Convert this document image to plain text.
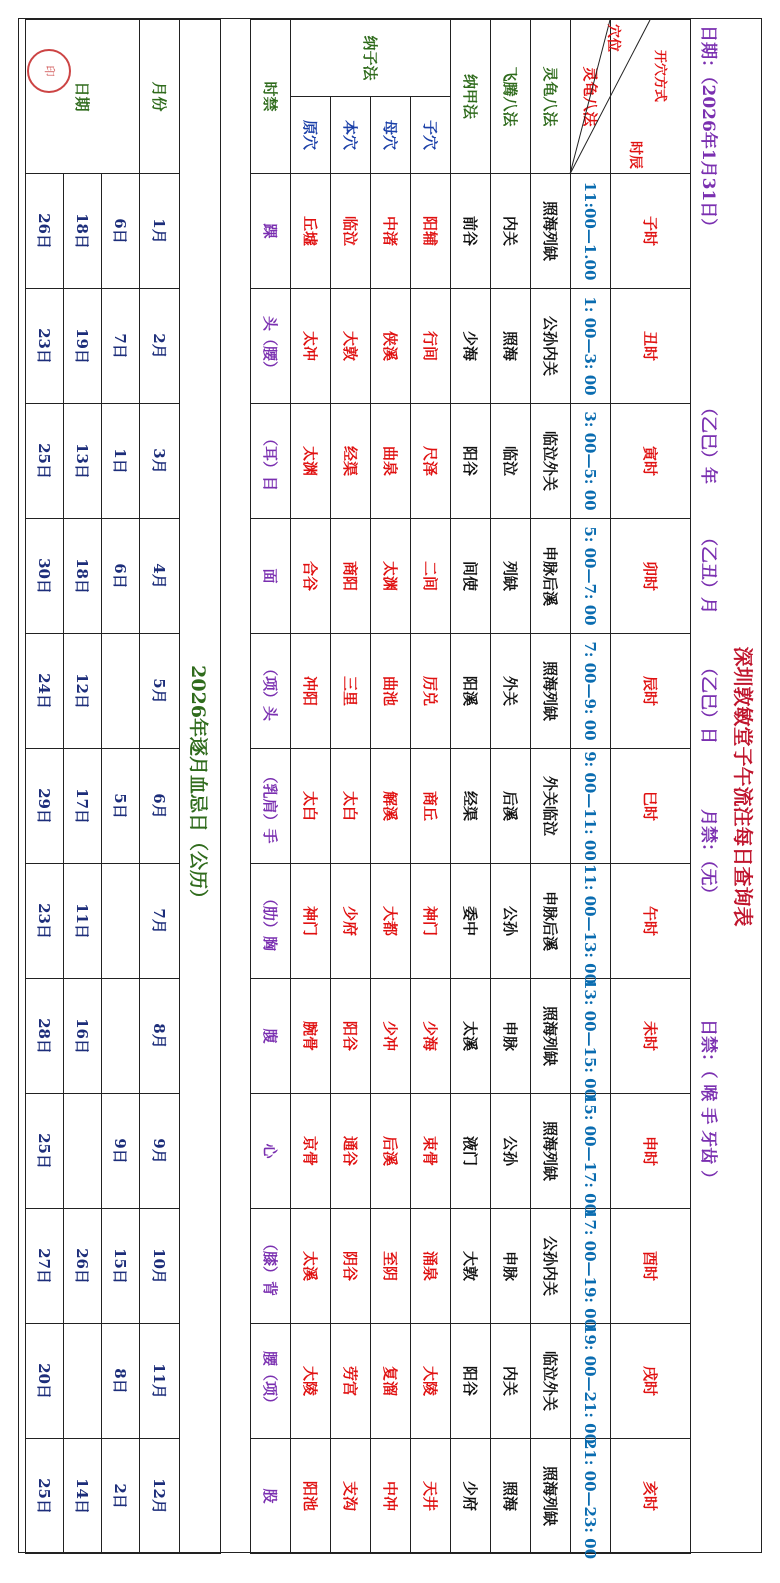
深圳敦敏堂子午流注每日查询表
日期：（2026年1月31日）
（乙巳）年
（乙丑）月
（乙巳）日
月禁：（无）
日禁：（ 喉 手 牙齿 ）
时辰
穴位
开穴方式		子时	丑时	寅时	卯时	辰时	巳时	午时	未时	申时	酉时	戌时	亥时
灵龟八法		11:00—1.00	1: 00—3: 00	3: 00—5: 00	5: 00—7: 00	7: 00—9: 00	9: 00—11: 00	11: 00—13: 00	13: 00—15: 00	15: 00—17: 00	17: 00—19: 00	19: 00—21: 00	21: 00—23: 00
灵龟八法		照海列缺	公孙内关	临泣外关	申脉后溪	照海列缺	外关临泣	申脉后溪	照海列缺	照海列缺	公孙内关	临泣外关	照海列缺
飞腾八法		内关	照海	临泣	列缺	外关	后溪	公孙	申脉	公孙	申脉	内关	照海
纳甲法		前谷	少海	阳谷	间使	阳溪	经渠	委中	太溪	液门	大敦	阳谷	少府
纳子法	子穴	阳辅	行间	尺泽	二间	厉兑	商丘	神门	少海	束骨	涌泉	大陵	天井
	母穴	中渚	侠溪	曲泉	太渊	曲池	解溪	大都	少冲	后溪	至阴	复溜	中冲
	本穴	临泣	大敦	经渠	商阳	三里	太白	少府	阳谷	通谷	阴谷	劳宫	支沟
	原穴	丘墟	太冲	太渊	合谷	冲阳	太白	神门	腕骨	京骨	太溪	大陵	阳池
时禁		踝	头（腰）	（耳）目	面	（项）头	（乳肩）手	（肋）胸	腹	心	（膝）背	腰（项）	股
2026年逐月血忌日（公历）												
月份	1月	2月	3月	4月	5月	6月	7月	8月	9月	10月	11月	12月
日期	6日	7日	1日	6日		5日			9日	15日	8日	2日
	18日	19日	13日	18日	12日	17日	11日	16日		26日		14日
	26日	23日	25日	30日	24日	29日	23日	28日	25日	27日	20日	25日
印
